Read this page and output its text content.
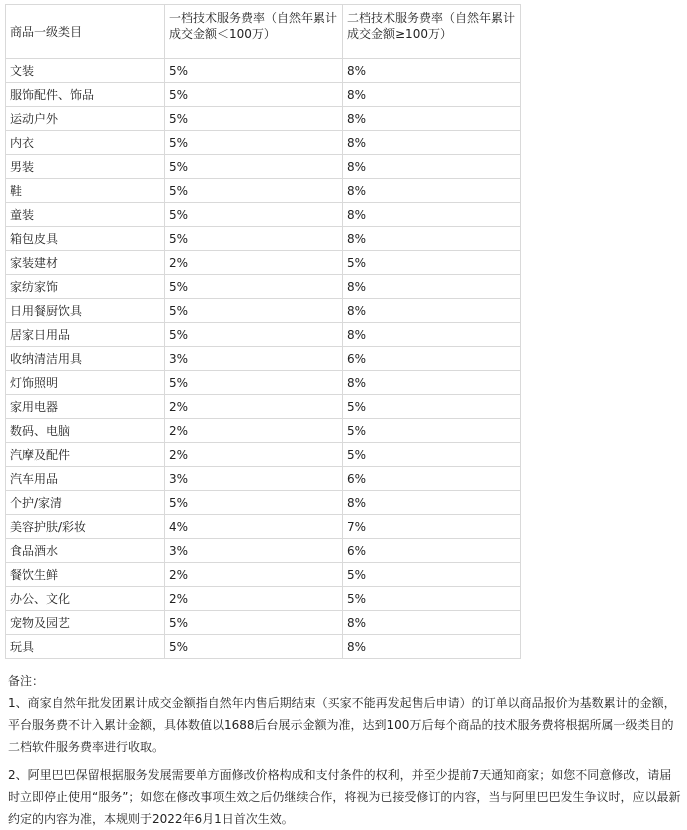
商品一级类目	一档技术服务费率（自然年累计成交金额＜100万）	二档技术服务费率（自然年累计成交金额≥100万）
文装	5%	8%
服饰配件、饰品	5%	8%
运动户外	5%	8%
内衣	5%	8%
男装	5%	8%
鞋	5%	8%
童装	5%	8%
箱包皮具	5%	8%
家装建材	2%	5%
家纺家饰	5%	8%
日用餐厨饮具	5%	8%
居家日用品	5%	8%
收纳清洁用具	3%	6%
灯饰照明	5%	8%
家用电器	2%	5%
数码、电脑	2%	5%
汽摩及配件	2%	5%
汽车用品	3%	6%
个护/家清	5%	8%
美容护肤/彩妆	4%	7%
食品酒水	3%	6%
餐饮生鲜	2%	5%
办公、文化	2%	5%
宠物及园艺	5%	8%
玩具	5%	8%

备注：

1、商家自然年批发团累计成交金额指自然年内售后期结束（买家不能再发起售后申请）的订单以商品报价为基数累计的金额，平台服务费不计入累计金额，具体数值以1688后台展示金额为准，达到100万后每个商品的技术服务费将根据所属一级类目的二档软件服务费率进行收取。

2、阿里巴巴保留根据服务发展需要单方面修改价格构成和支付条件的权利，并至少提前7天通知商家；如您不同意修改，请届时立即停止使用“服务”；如您在修改事项生效之后仍继续合作，将视为已接受修订的内容，当与阿里巴巴发生争议时，应以最新约定的内容为准，本规则于2022年6月1日首次生效。
